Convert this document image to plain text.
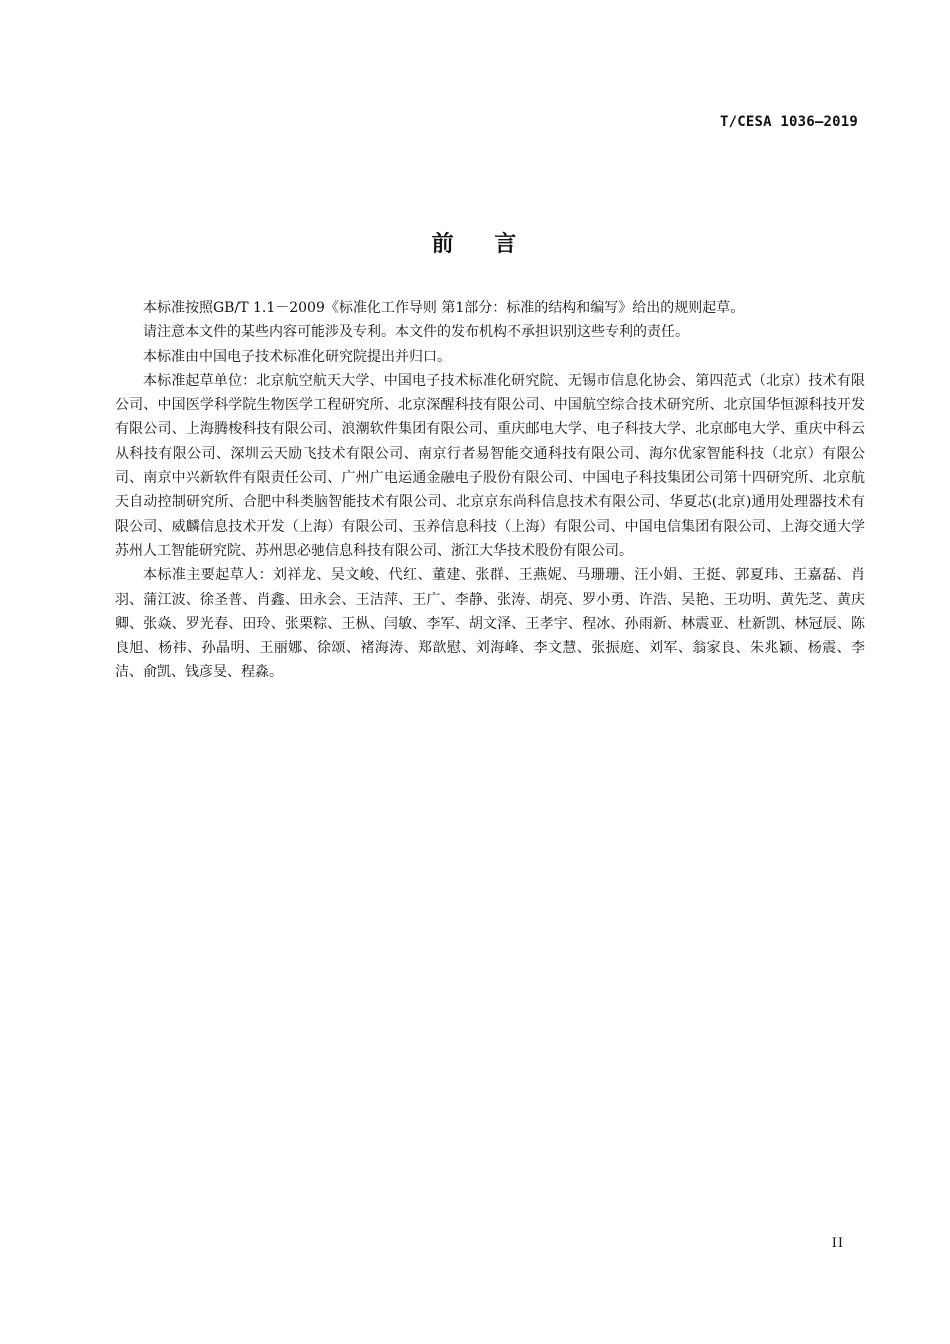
T/CESA 1036—2019
前    言

本标准按照GB/T 1.1－2009《标准化工作导则 第1部分：标准的结构和编写》给出的规则起草。

请注意本文件的某些内容可能涉及专利。本文件的发布机构不承担识别这些专利的责任。

本标准由中国电子技术标准化研究院提出并归口。

本标准起草单位：北京航空航天大学、中国电子技术标准化研究院、无锡市信息化协会、第四范式（北京）技术有限公司、中国医学科学院生物医学工程研究所、北京深醒科技有限公司、中国航空综合技术研究所、北京国华恒源科技开发有限公司、上海腾梭科技有限公司、浪潮软件集团有限公司、重庆邮电大学、电子科技大学、北京邮电大学、重庆中科云从科技有限公司、深圳云天励飞技术有限公司、南京行者易智能交通科技有限公司、海尔优家智能科技（北京）有限公司、南京中兴新软件有限责任公司、广州广电运通金融电子股份有限公司、中国电子科技集团公司第十四研究所、北京航天自动控制研究所、合肥中科类脑智能技术有限公司、北京京东尚科信息技术有限公司、华夏芯(北京)通用处理器技术有限公司、威麟信息技术开发（上海）有限公司、玉养信息科技（上海）有限公司、中国电信集团有限公司、上海交通大学苏州人工智能研究院、苏州思必驰信息科技有限公司、浙江大华技术股份有限公司。

本标准主要起草人：刘祥龙、吴文峻、代红、董建、张群、王燕妮、马珊珊、汪小娟、王挺、郭夏玮、王嘉磊、肖羽、蒲江波、徐圣普、肖鑫、田永会、王洁萍、王广、李静、张涛、胡亮、罗小勇、许浩、吴艳、王功明、黄先芝、黄庆卿、张焱、罗光春、田玲、张栗粽、王枞、闫敏、李军、胡文泽、王孝宇、程冰、孙雨新、林震亚、杜新凯、林冠辰、陈良旭、杨祎、孙晶明、王丽娜、徐颂、褚海涛、郑歆慰、刘海峰、李文慧、张振庭、刘军、翁家良、朱兆颖、杨震、李洁、俞凯、钱彦旻、程淼。

II
